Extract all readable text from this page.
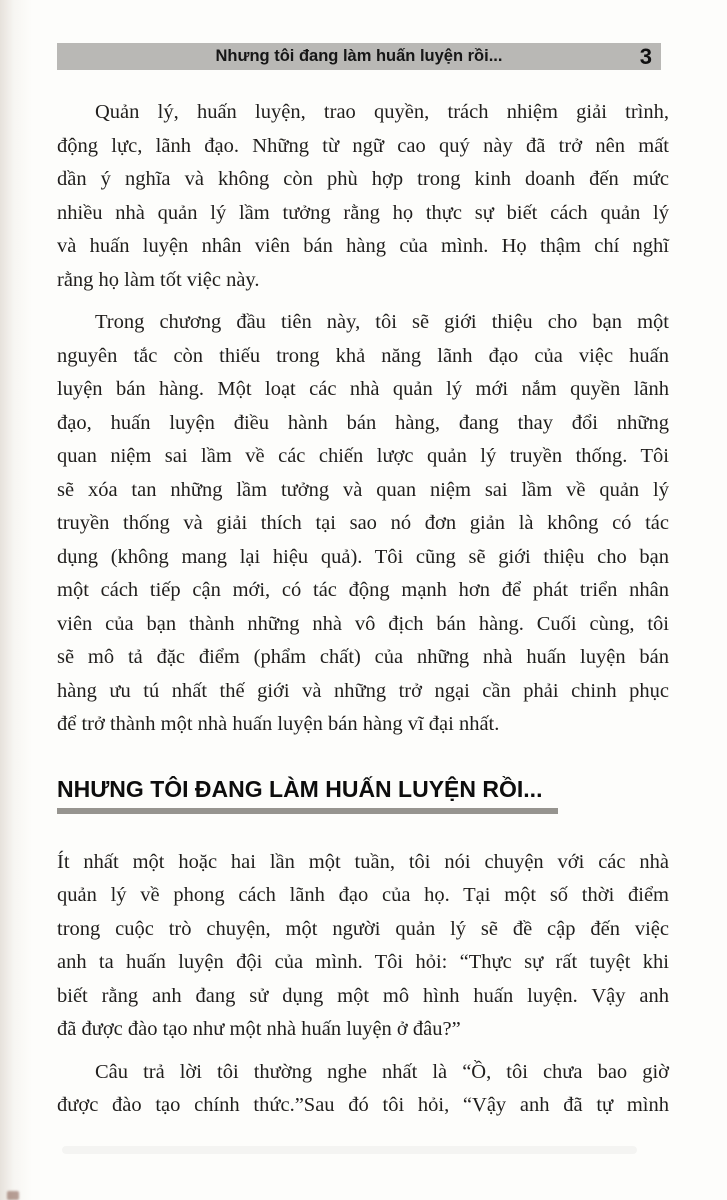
Nhưng tôi đang làm huấn luyện rồi...	3
Quản lý, huấn luyện, trao quyền, trách nhiệm giải trình,
động lực, lãnh đạo. Những từ ngữ cao quý này đã trở nên mất
dần ý nghĩa và không còn phù hợp trong kinh doanh đến mức
nhiều nhà quản lý lầm tưởng rằng họ thực sự biết cách quản lý
và huấn luyện nhân viên bán hàng của mình. Họ thậm chí nghĩ
rằng họ làm tốt việc này.
Trong chương đầu tiên này, tôi sẽ giới thiệu cho bạn một
nguyên tắc còn thiếu trong khả năng lãnh đạo của việc huấn
luyện bán hàng. Một loạt các nhà quản lý mới nắm quyền lãnh
đạo, huấn luyện điều hành bán hàng, đang thay đổi những
quan niệm sai lầm về các chiến lược quản lý truyền thống. Tôi
sẽ xóa tan những lầm tưởng và quan niệm sai lầm về quản lý
truyền thống và giải thích tại sao nó đơn giản là không có tác
dụng (không mang lại hiệu quả). Tôi cũng sẽ giới thiệu cho bạn
một cách tiếp cận mới, có tác động mạnh hơn để phát triển nhân
viên của bạn thành những nhà vô địch bán hàng. Cuối cùng, tôi
sẽ mô tả đặc điểm (phẩm chất) của những nhà huấn luyện bán
hàng ưu tú nhất thế giới và những trở ngại cần phải chinh phục
để trở thành một nhà huấn luyện bán hàng vĩ đại nhất.
NHƯNG TÔI ĐANG LÀM HUẤN LUYỆN RỒI...
Ít nhất một hoặc hai lần một tuần, tôi nói chuyện với các nhà
quản lý về phong cách lãnh đạo của họ. Tại một số thời điểm
trong cuộc trò chuyện, một người quản lý sẽ đề cập đến việc
anh ta huấn luyện đội của mình. Tôi hỏi: “Thực sự rất tuyệt khi
biết rằng anh đang sử dụng một mô hình huấn luyện. Vậy anh
đã được đào tạo như một nhà huấn luyện ở đâu?”
Câu trả lời tôi thường nghe nhất là “Ồ, tôi chưa bao giờ
được đào tạo chính thức.”Sau đó tôi hỏi, “Vậy anh đã tự mình
